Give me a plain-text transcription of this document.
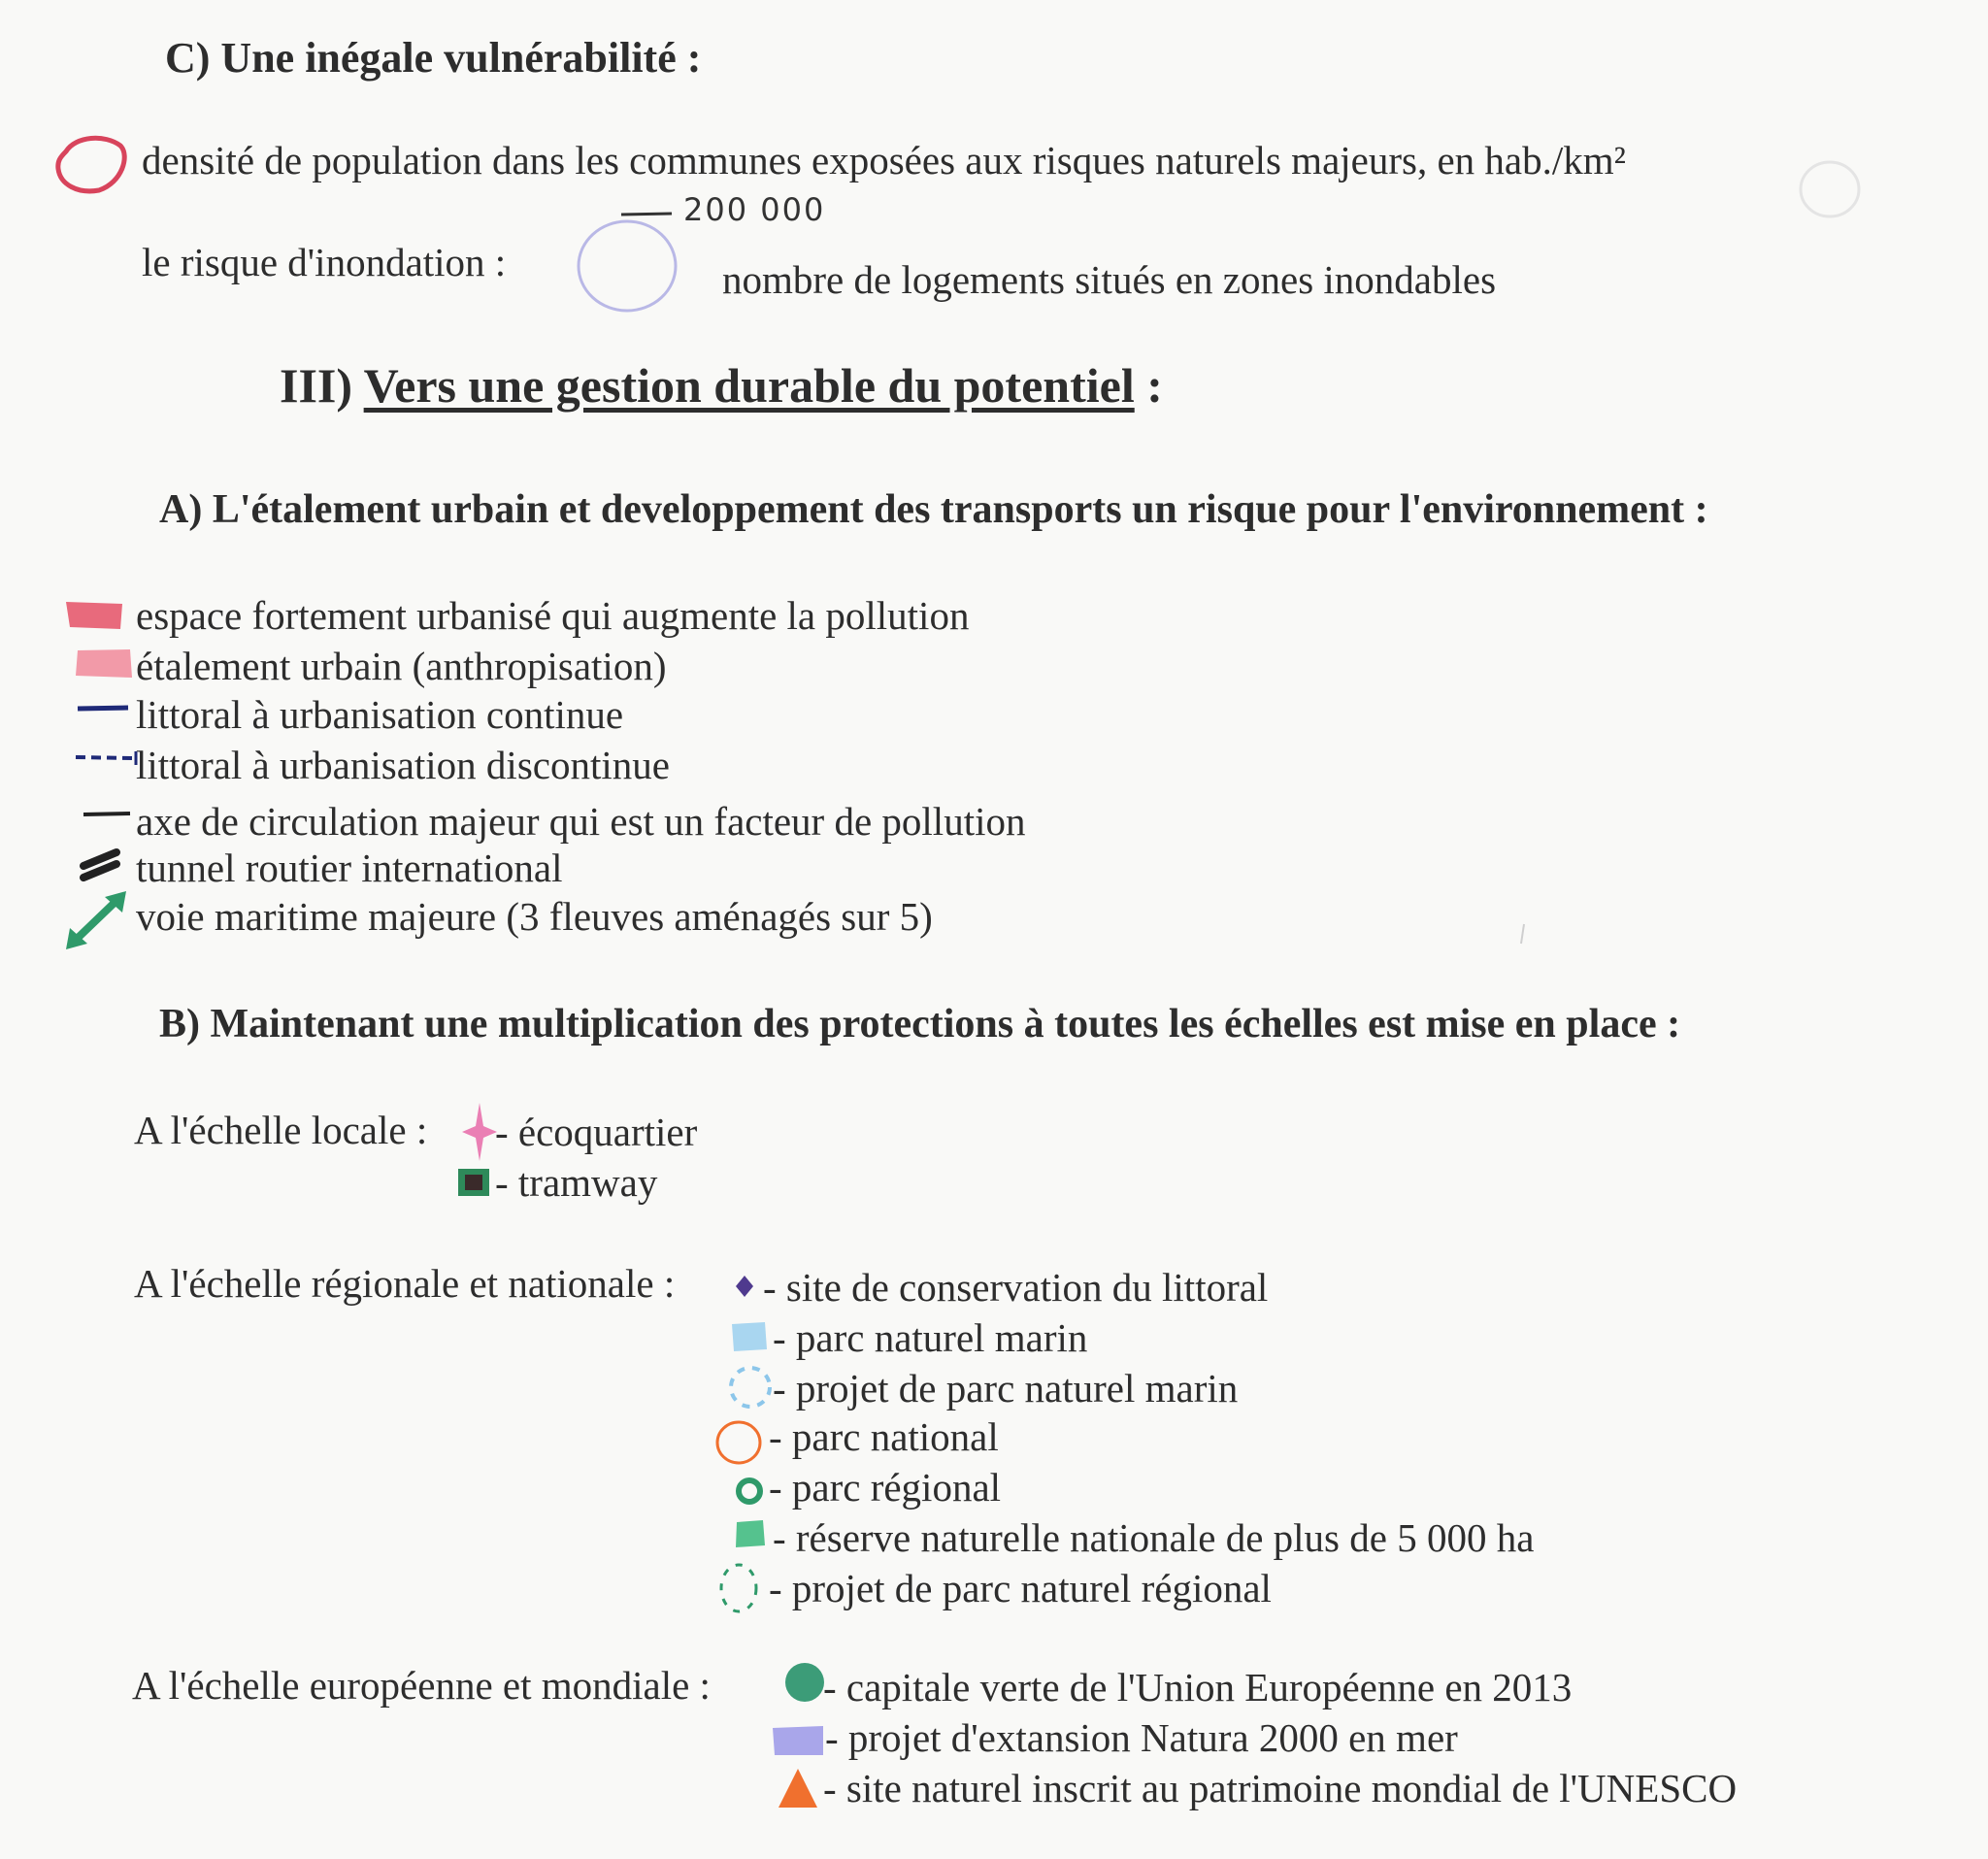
C) Une inégale vulnérabilité :
densité de population dans les communes exposées aux risques naturels majeurs, en hab./km²
200 000
le risque d'inondation :	nombre de logements situés en zones inondables
III) Vers une gestion durable du potentiel :
A) L'étalement urbain et developpement des transports un risque pour l'environnement :
espace fortement urbanisé qui augmente la pollution
étalement urbain (anthropisation)
littoral à urbanisation continue
littoral à urbanisation discontinue
axe de circulation majeur qui est un facteur de pollution
tunnel routier international
voie maritime majeure (3 fleuves aménagés sur 5)
B) Maintenant une multiplication des protections à toutes les échelles est mise en place :
A l'échelle locale : - écoquartier
- tramway
A l'échelle régionale et nationale : - site de conservation du littoral
- parc naturel marin
- projet de parc naturel marin
- parc national
- parc régional
- réserve naturelle nationale de plus de 5 000 ha
- projet de parc naturel régional
A l'échelle européenne et mondiale :	- capitale verte de l'Union Européenne en 2013
- projet d'extansion Natura 2000 en mer
- site naturel inscrit au patrimoine mondial de l'UNESCO
